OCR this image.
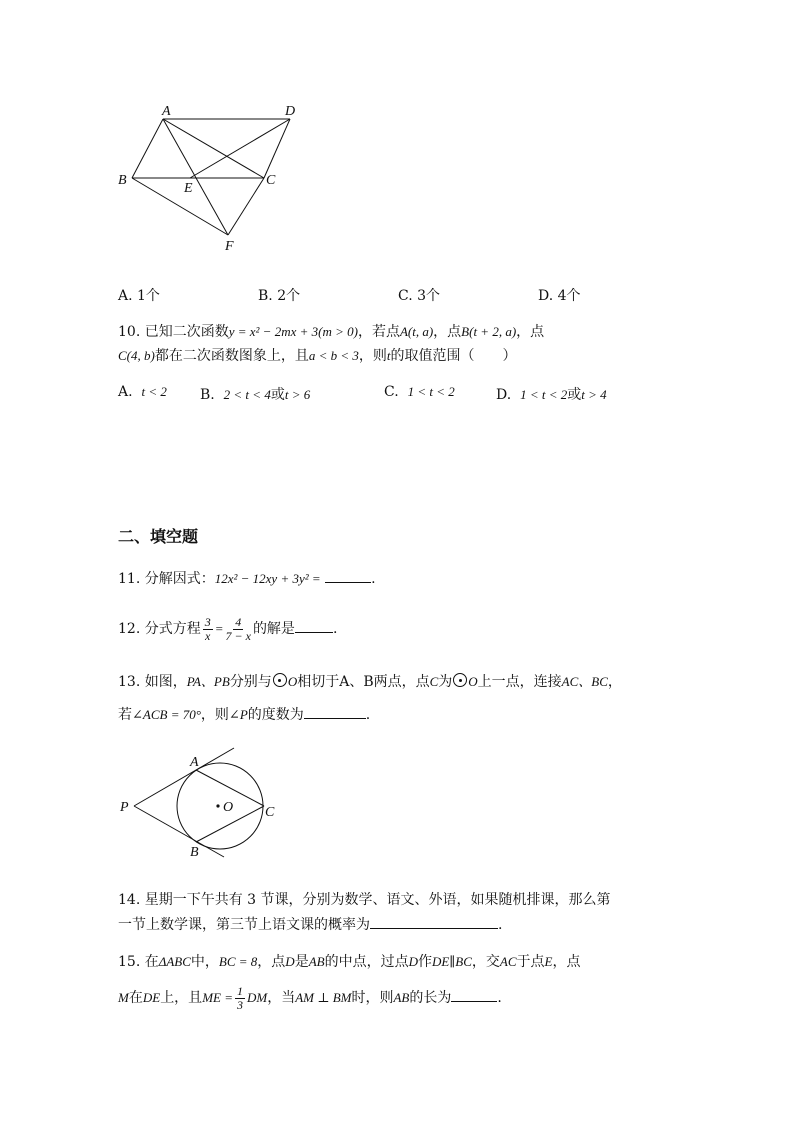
A	D
B
E
C
F
A. 1个	B. 2个	C. 3个	D. 4个
10. 已知二次函数y = x² − 2mx + 3(m > 0)，若点A(t, a)，点B(t + 2, a)，点
C(4, b)都在二次函数图象上，且a < b < 3，则t的取值范围（　　）
A. t < 2 B. 2 < t < 4或t > 6	C. 1 < t < 2	D. 1 < t < 2或t > 4
二、填空题
11. 分解因式：12x² − 12xy + 3y² =	.
12. 分式方程 $\frac{3}{x} = \frac{4}{7 - x}$ 的解是	.
13. 如图，PA、PB分别与 O相切于A、B两点，点C为 O上一点，连接AC、BC，
若∠ACB = 70°，则∠P的度数为	.
A
P	O C
B
14. 星期一下午共有 3 节课，分别为数学、语文、外语，如果随机排课，那么第
一节上数学课，第三节上语文课的概率为	.
15. 在ΔABC中，BC = 8，点D是AB的中点，过点D作DE∥BC，交AC于点E，点
M在DE上，且ME = $\frac{1}{3}$ DM，当AM ⊥ BM时，则AB的长为	.
